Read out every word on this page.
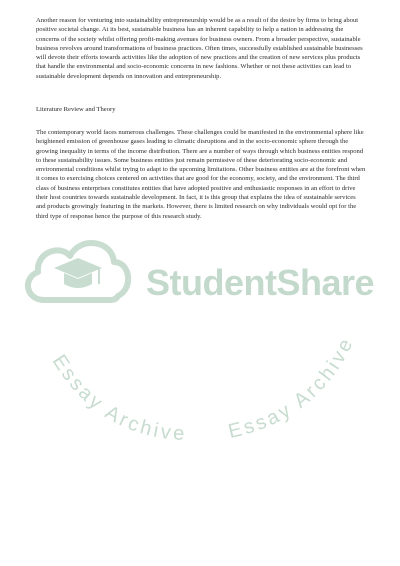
Another reason for venturing into sustainability entrepreneurship would be as a result of the desire by firms to bring about positive societal change. At its best, sustainable business has an inherent capability to help a nation in addressing the concerns of the society whilst offering profit-making avenues for business owners. From a broader perspective, sustainable business revolves around transformations of business practices. Often times, successfully established sustainable businesses will devote their efforts towards activities like the adoption of new practices and the creation of new services plus products that handle the environmental and socio-economic concerns in new fashions. Whether or not these activities can lead to sustainable development depends on innovation and entrepreneurship.

Literature Review and Theory

The contemporary world faces numerous challenges. These challenges could be manifested in the environmental sphere like heightened emission of greenhouse gases leading to climatic disruptions and in the socio-economic sphere through the growing inequality in terms of the income distribution. There are a number of ways through which business entities respond to these sustainability issues. Some business entities just remain permissive of these deteriorating socio-economic and environmental conditions whilst trying to adapt to the upcoming limitations. Other business entities are at the forefront when it comes to exercising choices centered on activities that are good for the economy, society, and the environment. The third class of business enterprises constitutes entities that have adopted positive and enthusiastic responses in an effort to drive their host countries towards sustainable development. In fact, it is this group that explains the idea of sustainable services and products growingly featuring in the markets. However, there is limited research on why individuals would opt for the third type of response hence the purpose of this research study.

StudentShare
Essay Archive Essay Archive
